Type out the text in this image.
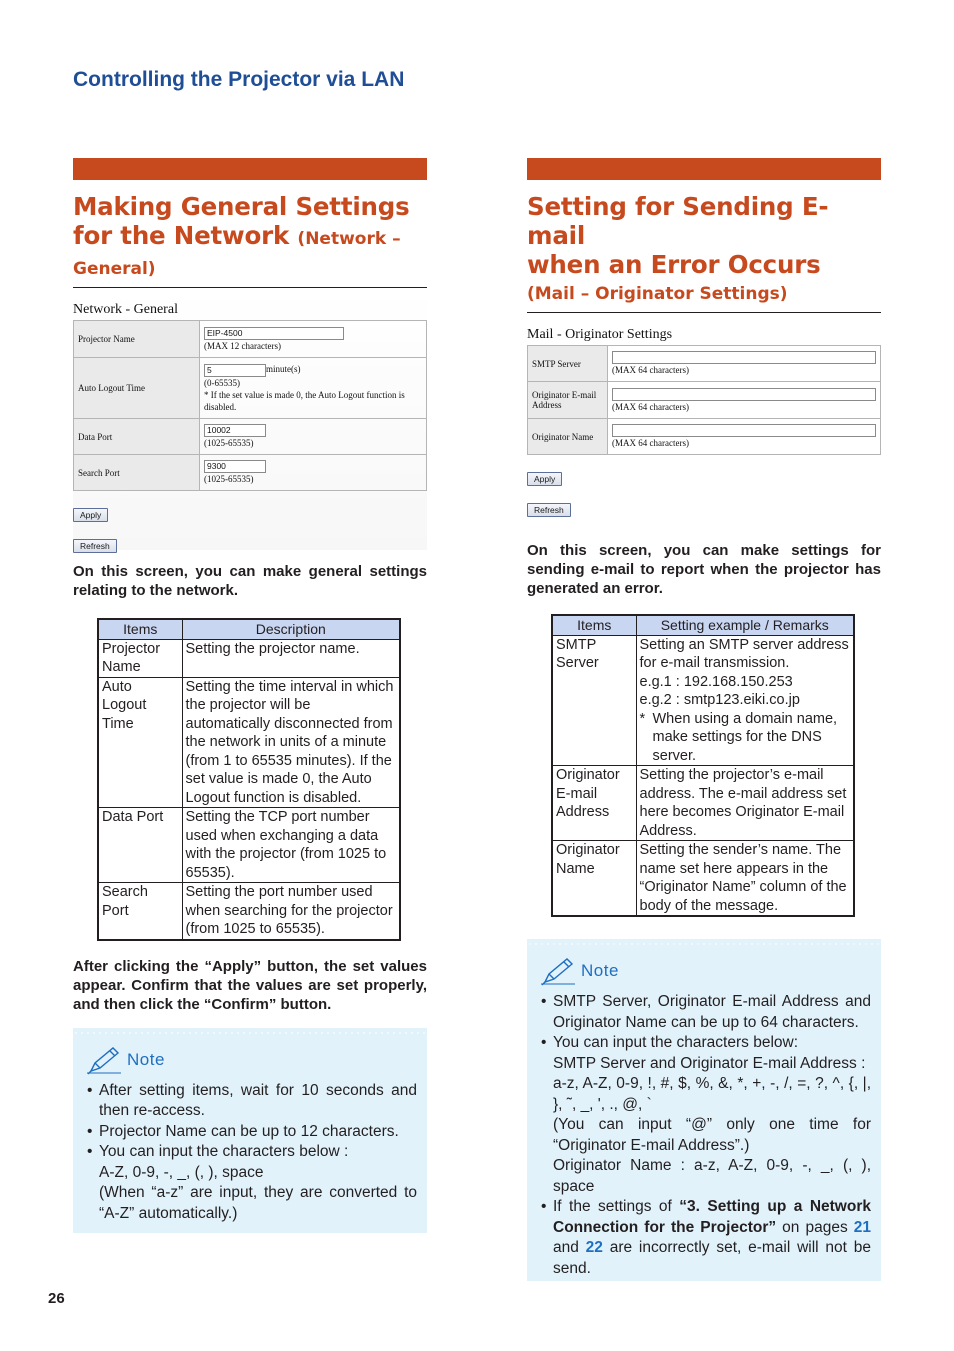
Controlling the Projector via LAN
Making General Settings
for the Network (Network –
General)
Network - General
Projector Name	EIP-4500
(MAX 12 characters)

Auto Logout Time	5 minute(s)
(0-65535)
* If the set value is made 0, the Auto Logout function is disabled.

Data Port	10002
(1025-65535)

Search Port	9300
(1025-65535)
Apply
Refresh
On this screen, you can make general settings relating to the network.
Items	Description
Projector Name	Setting the projector name.
Auto Logout Time	Setting the time interval in which the projector will be automatically disconnected from the network in units of a minute (from 1 to 65535 minutes). If the set value is made 0, the Auto Logout function is disabled.
Data Port	Setting the TCP port number used when exchanging a data with the projector (from 1025 to 65535).
Search Port	Setting the port number used when searching for the projector (from 1025 to 65535).
After clicking the “Apply” button, the set values appear. Confirm that the values are set properly, and then click the “Confirm” button.
Note
• After setting items, wait for 10 seconds and then re-access.
• Projector Name can be up to 12 characters.
• You can input the characters below :
A-Z, 0-9, -, _, (, ), space
(When “a-z” are input, they are converted to “A-Z” automatically.)
Setting for Sending E-mail
when an Error Occurs
(Mail – Originator Settings)
Mail - Originator Settings
SMTP Server	(MAX 64 characters)

Originator E-mail Address	(MAX 64 characters)

Originator Name	(MAX 64 characters)
Apply
Refresh
On this screen, you can make settings for sending e-mail to report when the projector has generated an error.
Items	Setting example / Remarks
SMTP Server	Setting an SMTP server address for e-mail transmission.
e.g.1 : 192.168.150.253
e.g.2 : smtp123.eiki.co.jp
* When using a domain name, make settings for the DNS server.

Originator E-mail Address	Setting the projector’s e-mail address. The e-mail address set here becomes Originator E-mail Address.
Originator Name	Setting the sender’s name. The name set here appears in the “Originator Name” column of the body of the message.
Note
• SMTP Server, Originator E-mail Address and Originator Name can be up to 64 characters.
• You can input the characters below:
SMTP Server and Originator E-mail Address :
a-z, A-Z, 0-9, !, #, $, %, &, *, +, -, /, =, ?, ^, {, |, }, ˜, _, ', ., @, `
(You can input “@” only one time for “Originator E-mail Address”.)
Originator Name : a-z, A-Z, 0-9, -, _, (, ), space
• If the settings of “3. Setting up a Network Connection for the Projector” on pages 21 and 22 are incorrectly set, e-mail will not be send.
26
